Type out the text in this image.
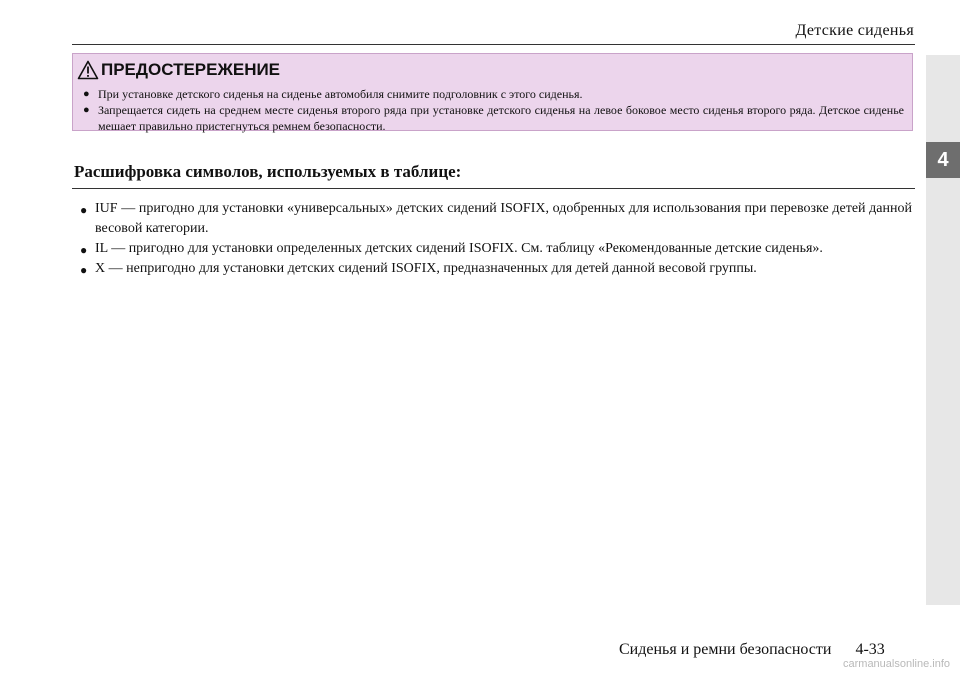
Детские сиденья
4
ПРЕДОСТЕРЕЖЕНИЕ
● При установке детского сиденья на сиденье автомобиля снимите подголовник с этого сиденья.
● Запрещается сидеть на среднем месте сиденья второго ряда при установке детского сиденья на левое боковое место сиденья второго ряда. Детское сиденье мешает правильно пристегнуться ремнем безопасности.
Расшифровка символов, используемых в таблице:
● IUF — пригодно для установки «универсальных» детских сидений ISOFIX, одобренных для использования при перевозке детей данной весовой категории.
● IL — пригодно для установки определенных детских сидений ISOFIX. См. таблицу «Рекомендованные детские сиденья».
● X — непригодно для установки детских сидений ISOFIX, предназначенных для детей данной весовой группы.
Сиденья и ремни безопасности 4-33
carmanualsonline.info
